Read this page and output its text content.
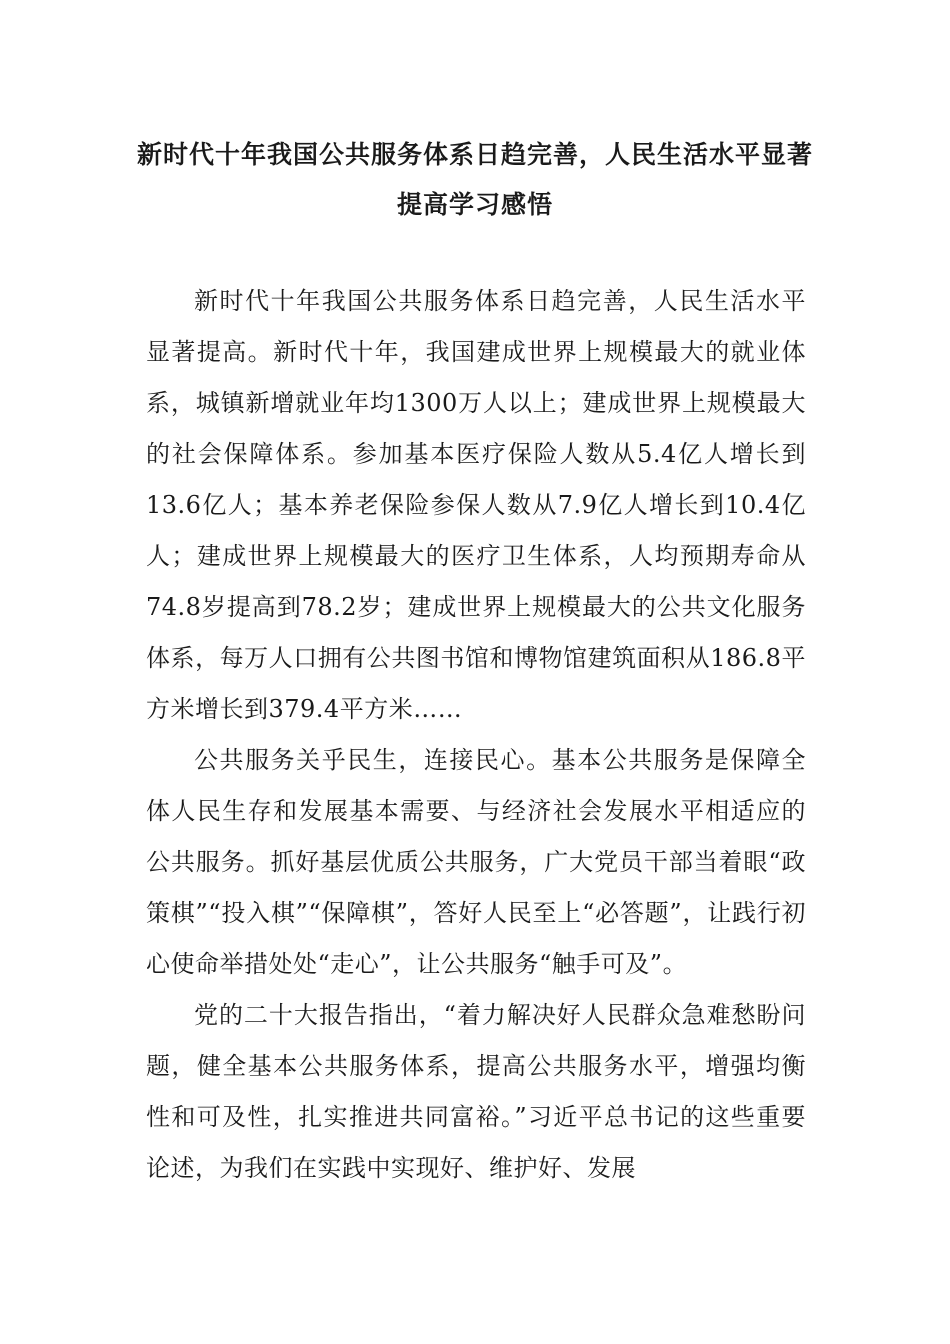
新时代十年我国公共服务体系日趋完善，人民生活水平显著提高学习感悟

新时代十年我国公共服务体系日趋完善，人民生活水平显著提高。新时代十年，我国建成世界上规模最大的就业体系，城镇新增就业年均1300万人以上；建成世界上规模最大的社会保障体系。参加基本医疗保险人数从5.4亿人增长到13.6亿人；基本养老保险参保人数从7.9亿人增长到10.4亿人；建成世界上规模最大的医疗卫生体系，人均预期寿命从74.8岁提高到78.2岁；建成世界上规模最大的公共文化服务体系，每万人口拥有公共图书馆和博物馆建筑面积从186.8平方米增长到379.4平方米……

公共服务关乎民生，连接民心。基本公共服务是保障全体人民生存和发展基本需要、与经济社会发展水平相适应的公共服务。抓好基层优质公共服务，广大党员干部当着眼“政策棋”“投入棋”“保障棋”，答好人民至上“必答题”，让践行初心使命举措处处“走心”，让公共服务“触手可及”。

党的二十大报告指出，“着力解决好人民群众急难愁盼问题，健全基本公共服务体系，提高公共服务水平，增强均衡性和可及性，扎实推进共同富裕。”习近平总书记的这些重要论述，为我们在实践中实现好、维护好、发展
